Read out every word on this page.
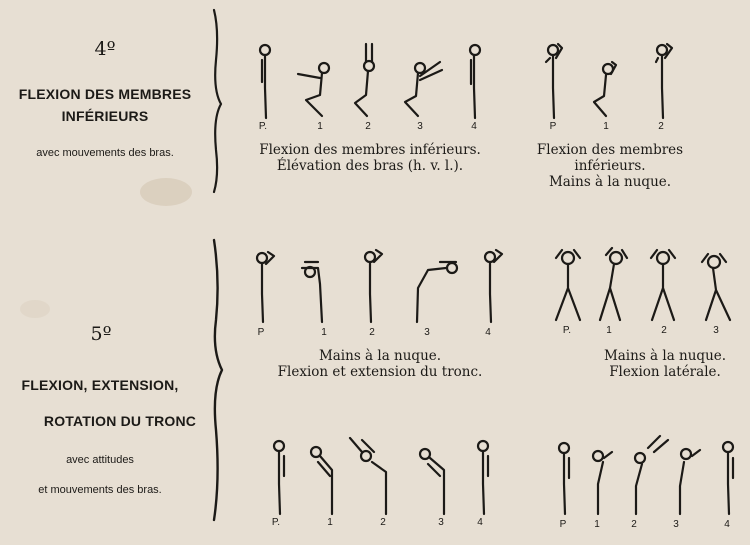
4º
FLEXION DES MEMBRES
INFÉRIEURS
avec mouvements des bras.
5º
FLEXION, EXTENSION,
ROTATION DU TRONC
avec attitudes
et mouvements des bras.
P.	1	2	3	4	P	1	2
Flexion des membres inférieurs.
Élévation des bras (h. v. l.).
Flexion des membres
inférieurs.
Mains à la nuque.
P	1	2	3	4	P.	1	2	3
Mains à la nuque.
Flexion et extension du tronc.
Mains à la nuque.
Flexion latérale.
P.	1	2	3	4	P	1	2	3	4
